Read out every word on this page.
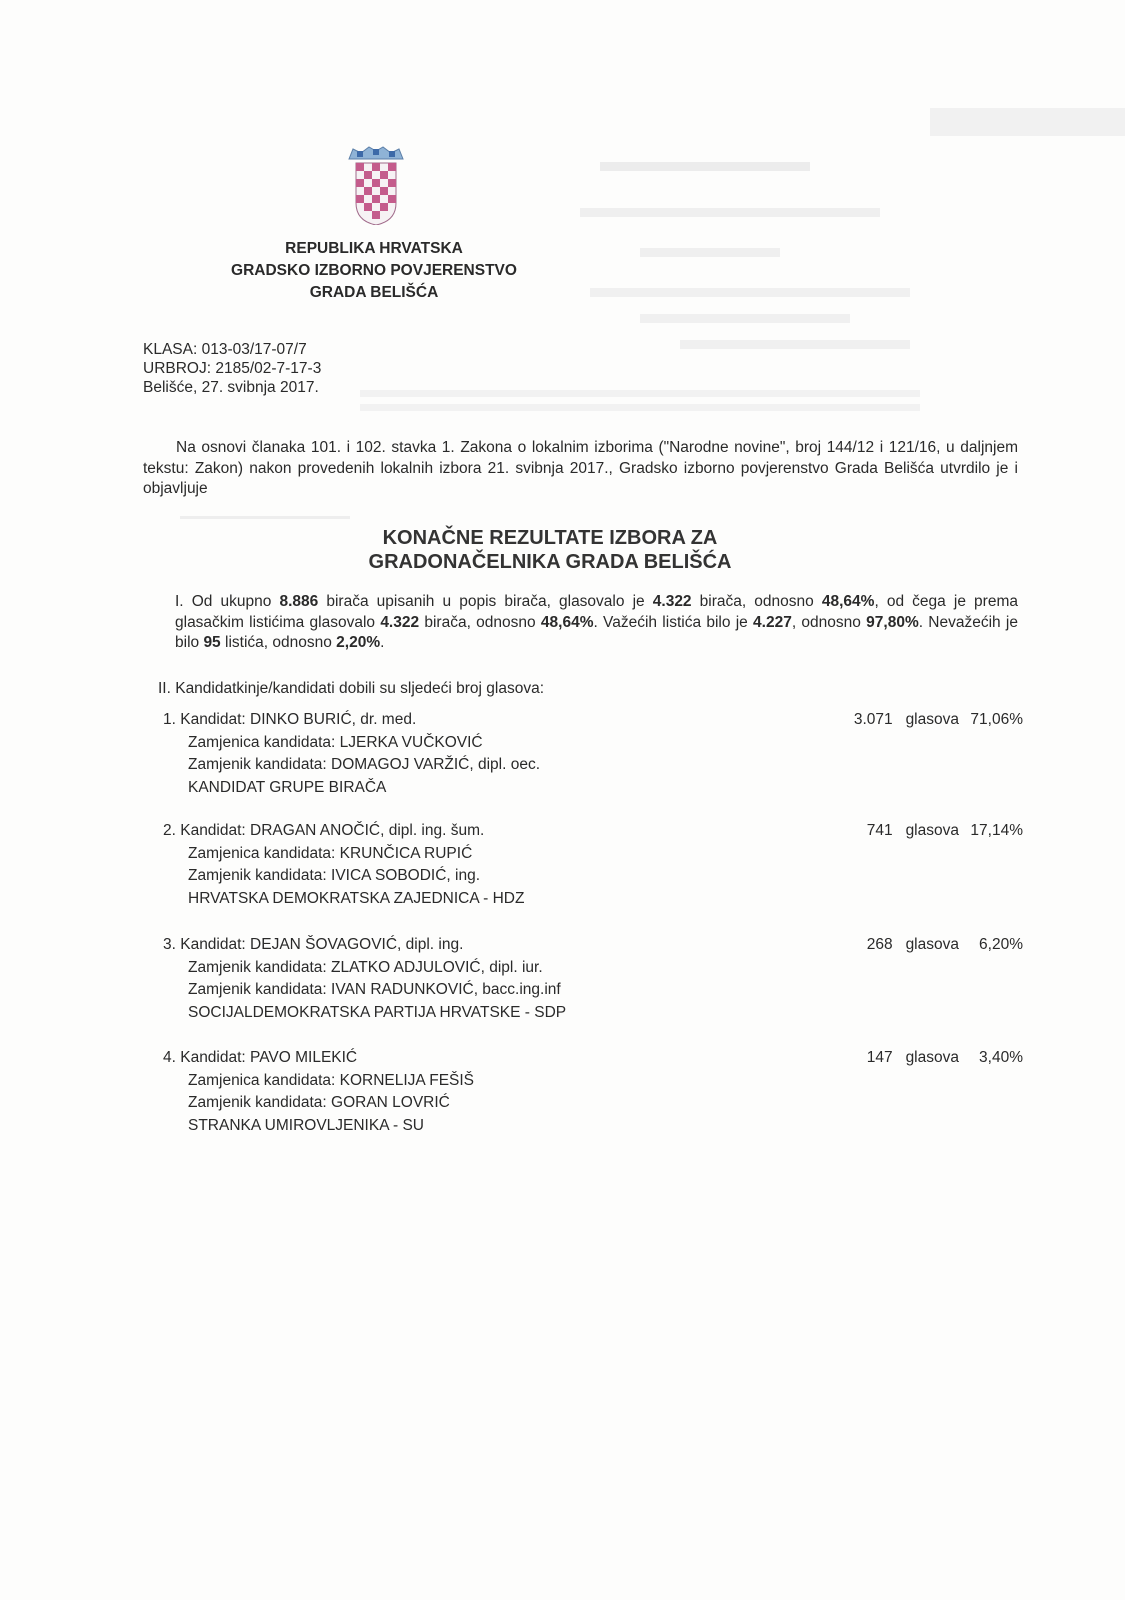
REPUBLIKA HRVATSKA
GRADSKO IZBORNO POVJERENSTVO
GRADA BELIŠĆA
KLASA: 013-03/17-07/7
URBROJ: 2185/02-7-17-3
Belišće, 27. svibnja 2017.
Na osnovi članaka 101. i 102. stavka 1. Zakona o lokalnim izborima ("Narodne novine", broj 144/12 i 121/16, u daljnjem tekstu: Zakon) nakon provedenih lokalnih izbora 21. svibnja 2017., Gradsko izborno povjerenstvo Grada Belišća utvrdilo je i objavljuje
KONAČNE REZULTATE IZBORA ZA
GRADONAČELNIKA GRADA BELIŠĆA
I. Od ukupno 8.886 birača upisanih u popis birača, glasovalo je 4.322 birača, odnosno 48,64%, od čega je prema glasačkim listićima glasovalo 4.322 birača, odnosno 48,64%. Važećih listića bilo je 4.227, odnosno 97,80%. Nevažećih je bilo 95 listića, odnosno 2,20%.
II. Kandidatkinje/kandidati dobili su sljedeći broj glasova:
1. Kandidat: DINKO BURIĆ, dr. med.	3.071 glasova 71,06%
Zamjenica kandidata: LJERKA VUČKOVIĆ
Zamjenik kandidata: DOMAGOJ VARŽIĆ, dipl. oec.
KANDIDAT GRUPE BIRAČA
2. Kandidat: DRAGAN ANOČIĆ, dipl. ing. šum.	741 glasova 17,14%
Zamjenica kandidata: KRUNČICA RUPIĆ
Zamjenik kandidata: IVICA SOBODIĆ, ing.
HRVATSKA DEMOKRATSKA ZAJEDNICA - HDZ
3. Kandidat: DEJAN ŠOVAGOVIĆ, dipl. ing.	268 glasova 6,20%
Zamjenik kandidata: ZLATKO ADJULOVIĆ, dipl. iur.
Zamjenik kandidata: IVAN RADUNKOVIĆ, bacc.ing.inf
SOCIJALDEMOKRATSKA PARTIJA HRVATSKE - SDP
4. Kandidat: PAVO MILEKIĆ	147 glasova 3,40%
Zamjenica kandidata: KORNELIJA FEŠIŠ
Zamjenik kandidata: GORAN LOVRIĆ
STRANKA UMIROVLJENIKA - SU
